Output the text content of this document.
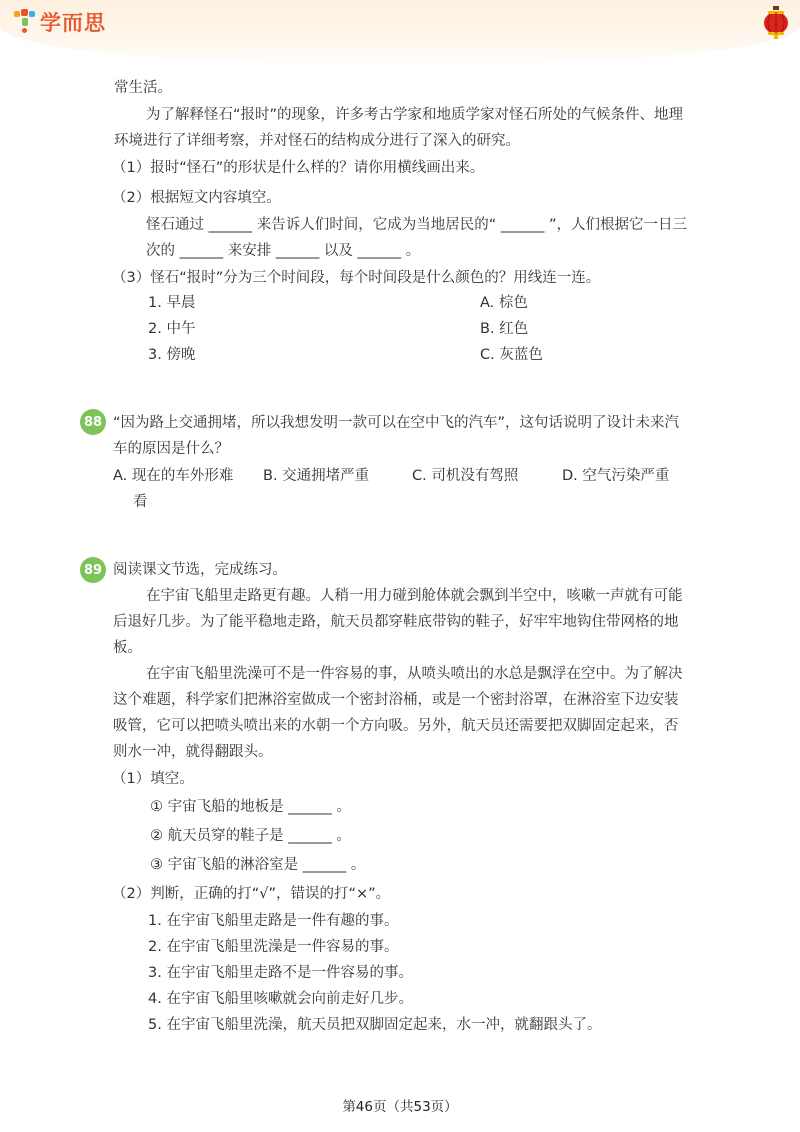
学而思
常生活。
为了解释怪石“报时”的现象，许多考古学家和地质学家对怪石所处的气候条件、地理
环境进行了详细考察，并对怪石的结构成分进行了深入的研究。
（1）报时“怪石”的形状是什么样的？请你用横线画出来。
（2）根据短文内容填空。
怪石通过 ______ 来告诉人们时间，它成为当地居民的“ ______ ”，人们根据它一日三
次的 ______ 来安排 ______ 以及 ______ 。
（3）怪石“报时”分为三个时间段，每个时间段是什么颜色的？用线连一连。
1. 早晨
2. 中午
3. 傍晚
A. 棕色
B. 红色
C. 灰蓝色
88 “因为路上交通拥堵，所以我想发明一款可以在空中飞的汽车”，这句话说明了设计未来汽
车的原因是什么？
A. 现在的车外形难 B. 交通拥堵严重	C. 司机没有驾照	D. 空气污染严重
看
89 阅读课文节选，完成练习。
在宇宙飞船里走路更有趣。人稍一用力碰到舱体就会飘到半空中，咳嗽一声就有可能
后退好几步。为了能平稳地走路，航天员都穿鞋底带钩的鞋子，好牢牢地钩住带网格的地
板。
在宇宙飞船里洗澡可不是一件容易的事，从喷头喷出的水总是飘浮在空中。为了解决
这个难题，科学家们把淋浴室做成一个密封浴桶，或是一个密封浴罩，在淋浴室下边安装
吸管，它可以把喷头喷出来的水朝一个方向吸。另外，航天员还需要把双脚固定起来，否
则水一冲，就得翻跟头。
（1）填空。
① 宇宙飞船的地板是 ______ 。
② 航天员穿的鞋子是 ______ 。
③ 宇宙飞船的淋浴室是 ______ 。
（2）判断，正确的打“√”，错误的打“×”。
1. 在宇宙飞船里走路是一件有趣的事。
2. 在宇宙飞船里洗澡是一件容易的事。
3. 在宇宙飞船里走路不是一件容易的事。
4. 在宇宙飞船里咳嗽就会向前走好几步。
5. 在宇宙飞船里洗澡，航天员把双脚固定起来，水一冲，就翻跟头了。
第46页（共53页）
